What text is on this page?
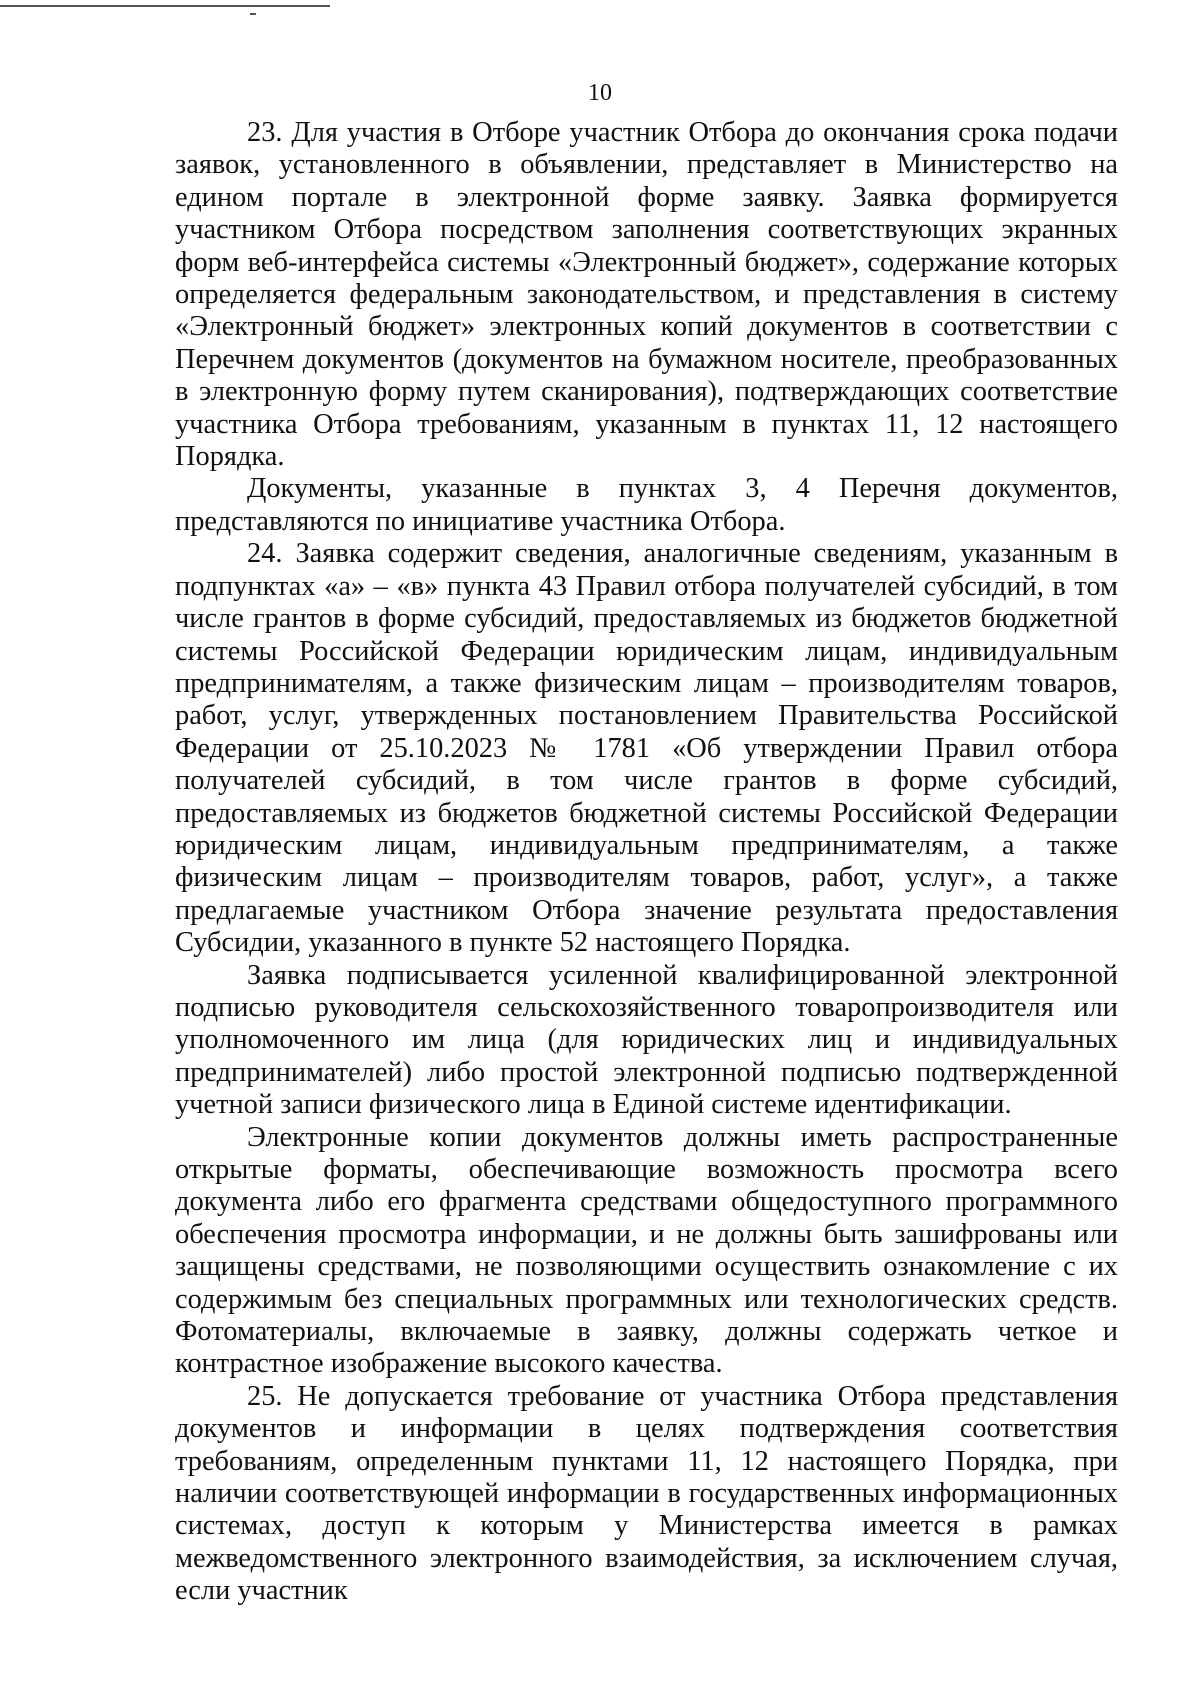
10

23. Для участия в Отборе участник Отбора до окончания срока подачи заявок, установленного в объявлении, представляет в Министерство на едином портале в электронной форме заявку. Заявка формируется участником Отбора посредством заполнения соответствующих экранных форм веб-интерфейса системы «Электронный бюджет», содержание которых определяется федеральным законодательством, и представления в систему «Электронный бюджет» электронных копий документов в соответствии с Перечнем документов (документов на бумажном носителе, преобразованных в электронную форму путем сканирования), подтверждающих соответствие участника Отбора требованиям, указанным в пунктах 11, 12 настоящего Порядка.

Документы, указанные в пунктах 3, 4 Перечня документов, представляются по инициативе участника Отбора.

24. Заявка содержит сведения, аналогичные сведениям, указанным в подпунктах «а» – «в» пункта 43 Правил отбора получателей субсидий, в том числе грантов в форме субсидий, предоставляемых из бюджетов бюджетной системы Российской Федерации юридическим лицам, индивидуальным предпринимателям, а также физическим лицам – производителям товаров, работ, услуг, утвержденных постановлением Правительства Российской Федерации от 25.10.2023 № 1781 «Об утверждении Правил отбора получателей субсидий, в том числе грантов в форме субсидий, предоставляемых из бюджетов бюджетной системы Российской Федерации юридическим лицам, индивидуальным предпринимателям, а также физическим лицам – производителям товаров, работ, услуг», а также предлагаемые участником Отбора значение результата предоставления Субсидии, указанного в пункте 52 настоящего Порядка.

Заявка подписывается усиленной квалифицированной электронной подписью руководителя сельскохозяйственного товаропроизводителя или уполномоченного им лица (для юридических лиц и индивидуальных предпринимателей) либо простой электронной подписью подтвержденной учетной записи физического лица в Единой системе идентификации.

Электронные копии документов должны иметь распространенные открытые форматы, обеспечивающие возможность просмотра всего документа либо его фрагмента средствами общедоступного программного обеспечения просмотра информации, и не должны быть зашифрованы или защищены средствами, не позволяющими осуществить ознакомление с их содержимым без специальных программных или технологических средств. Фотоматериалы, включаемые в заявку, должны содержать четкое и контрастное изображение высокого качества.

25. Не допускается требование от участника Отбора представления документов и информации в целях подтверждения соответствия требованиям, определенным пунктами 11, 12 настоящего Порядка, при наличии соответствующей информации в государственных информационных системах, доступ к которым у Министерства имеется в рамках межведомственного электронного взаимодействия, за исключением случая, если участник
